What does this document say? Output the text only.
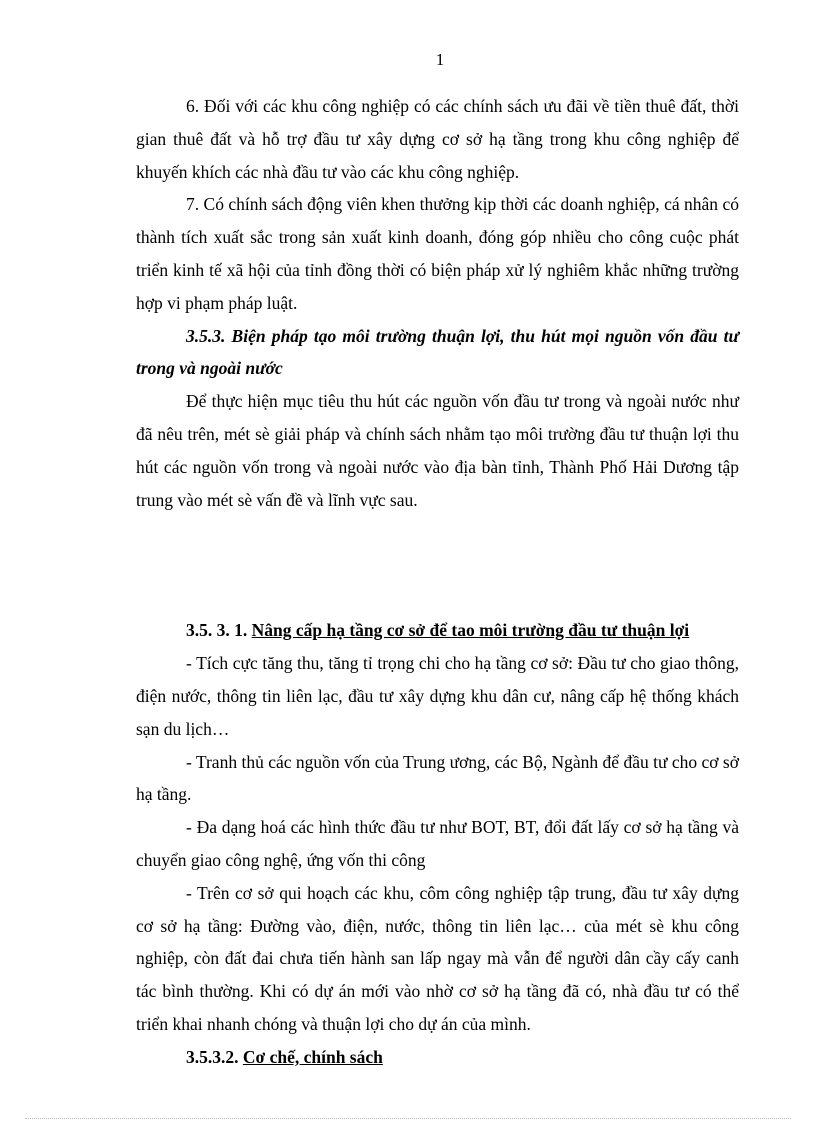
1

6. Đối với các khu công nghiệp có các chính sách ưu đãi về tiền thuê đất, thời gian thuê đất và hỗ trợ đầu tư xây dựng cơ sở hạ tầng trong khu công nghiệp để khuyến khích các nhà đầu tư vào các khu công nghiệp.

7. Có chính sách động viên khen thưởng kịp thời các doanh nghiệp, cá nhân có thành tích xuất sắc trong sản xuất kinh doanh, đóng góp nhiều cho công cuộc phát triển kinh tế xã hội của tỉnh đồng thời có biện pháp xử lý nghiêm khắc những trường hợp vi phạm pháp luật.

3.5.3. Biện pháp tạo môi trường thuận lợi, thu hút mọi nguồn vốn đầu tư trong và ngoài nước

Để thực hiện mục tiêu thu hút các nguồn vốn đầu tư trong và ngoài nước như đã nêu trên, mét sè giải pháp và chính sách nhằm tạo môi trường đầu tư thuận lợi thu hút các nguồn vốn trong và ngoài nước vào địa bàn tỉnh, Thành Phố Hải Dương tập trung vào mét sè vấn đề và lĩnh vực sau.

3.5. 3. 1. Nâng cấp hạ tầng cơ sở để tao môi trường đầu tư thuận lợi

- Tích cực tăng thu, tăng tỉ trọng chi cho hạ tầng cơ sở: Đầu tư cho giao thông, điện nước, thông tin liên lạc, đầu tư xây dựng khu dân cư, nâng cấp hệ thống khách sạn du lịch…

- Tranh thủ các nguồn vốn của Trung ương, các Bộ, Ngành để đầu tư cho cơ sở hạ tầng.

- Đa dạng hoá các hình thức đầu tư như BOT, BT, đổi đất lấy cơ sở hạ tầng và chuyển giao công nghệ, ứng vốn thi công

- Trên cơ sở qui hoạch các khu, côm công nghiệp tập trung, đầu tư xây dựng cơ sở hạ tầng: Đường vào, điện, nước, thông tin liên lạc… của mét sè khu công nghiệp, còn đất đai chưa tiến hành san lấp ngay mà vẫn để người dân cầy cấy canh tác bình thường. Khi có dự án mới vào nhờ cơ sở hạ tầng đã có, nhà đầu tư có thể triển khai nhanh chóng và thuận lợi cho dự án của mình.

3.5.3.2. Cơ chế, chính sách
